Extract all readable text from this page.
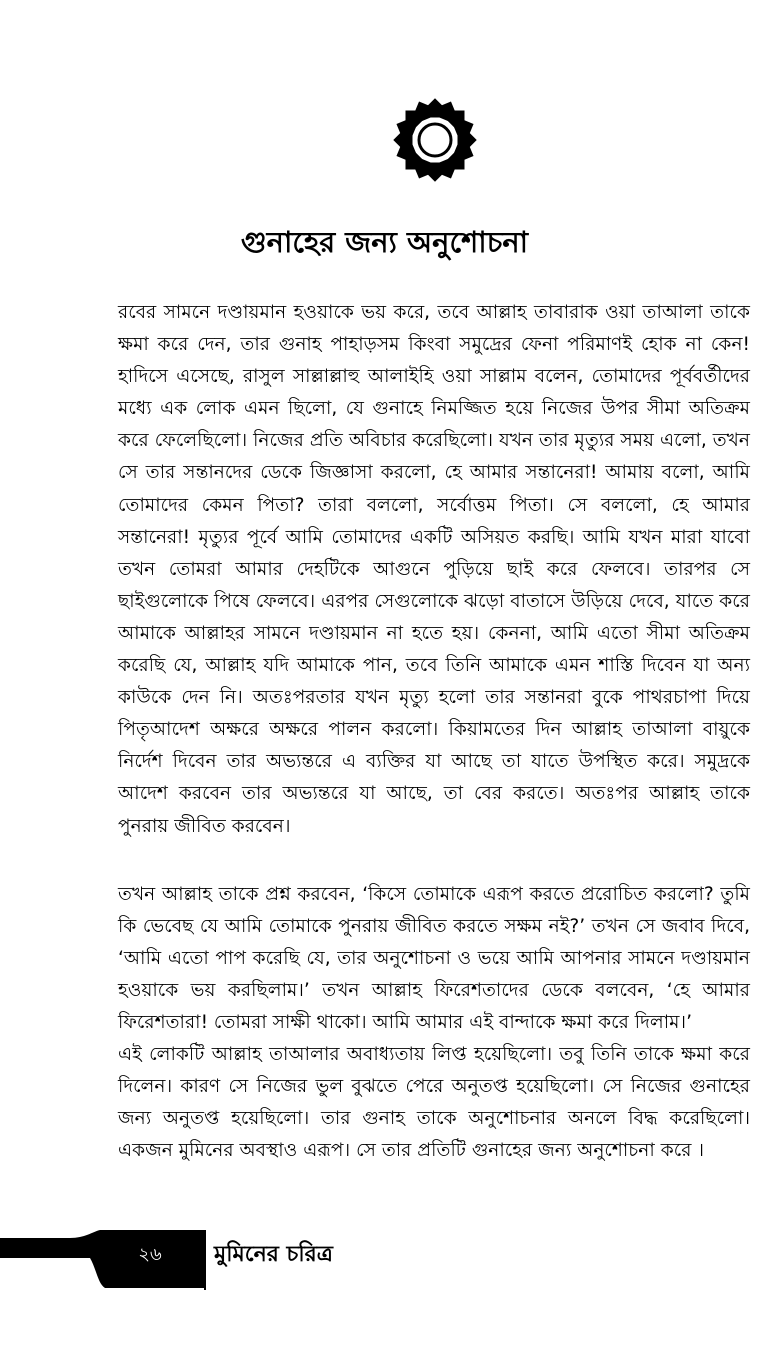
গুনাহের জন্য অনুশোচনা

রবের সামনে দণ্ডায়মান হওয়াকে ভয় করে, তবে আল্লাহ তাবারাক ওয়া তাআলা তাকে ক্ষমা করে দেন, তার গুনাহ পাহাড়সম কিংবা সমুদ্রের ফেনা পরিমাণই হোক না কেন! হাদিসে এসেছে, রাসুল সাল্লাল্লাহু আলাইহি ওয়া সাল্লাম বলেন, তোমাদের পূর্ববর্তীদের মধ্যে এক লোক এমন ছিলো, যে গুনাহে নিমজ্জিত হয়ে নিজের উপর সীমা অতিক্রম করে ফেলেছিলো। নিজের প্রতি অবিচার করেছিলো। যখন তার মৃত্যুর সময় এলো, তখন সে তার সন্তানদের ডেকে জিজ্ঞাসা করলো, হে আমার সন্তানেরা! আমায় বলো, আমি তোমাদের কেমন পিতা? তারা বললো, সর্বোত্তম পিতা। সে বললো, হে আমার সন্তানেরা! মৃত্যুর পূর্বে আমি তোমাদের একটি অসিয়ত করছি। আমি যখন মারা যাবো তখন তোমরা আমার দেহটিকে আগুনে পুড়িয়ে ছাই করে ফেলবে। তারপর সে ছাইগুলোকে পিষে ফেলবে। এরপর সেগুলোকে ঝড়ো বাতাসে উড়িয়ে দেবে, যাতে করে আমাকে আল্লাহর সামনে দণ্ডায়মান না হতে হয়। কেননা, আমি এতো সীমা অতিক্রম করেছি যে, আল্লাহ যদি আমাকে পান, তবে তিনি আমাকে এমন শাস্তি দিবেন যা অন্য কাউকে দেন নি। অতঃপরতার যখন মৃত্যু হলো তার সন্তানরা বুকে পাথরচাপা দিয়ে পিতৃআদেশ অক্ষরে অক্ষরে পালন করলো। কিয়ামতের দিন আল্লাহ তাআলা বায়ুকে নির্দেশ দিবেন তার অভ্যন্তরে এ ব্যক্তির যা আছে তা যাতে উপস্থিত করে। সমুদ্রকে আদেশ করবেন তার অভ্যন্তরে যা আছে, তা বের করতে। অতঃপর আল্লাহ তাকে পুনরায় জীবিত করবেন।

তখন আল্লাহ তাকে প্রশ্ন করবেন, ‘কিসে তোমাকে এরূপ করতে প্ররোচিত করলো? তুমি কি ভেবেছ যে আমি তোমাকে পুনরায় জীবিত করতে সক্ষম নই?’ তখন সে জবাব দিবে, ‘আমি এতো পাপ করেছি যে, তার অনুশোচনা ও ভয়ে আমি আপনার সামনে দণ্ডায়মান হওয়াকে ভয় করছিলাম।’ তখন আল্লাহ ফিরেশতাদের ডেকে বলবেন, ‘হে আমার ফিরেশতারা! তোমরা সাক্ষী থাকো। আমি আমার এই বান্দাকে ক্ষমা করে দিলাম।’

এই লোকটি আল্লাহ তাআলার অবাধ্যতায় লিপ্ত হয়েছিলো। তবু তিনি তাকে ক্ষমা করে দিলেন। কারণ সে নিজের ভুল বুঝতে পেরে অনুতপ্ত হয়েছিলো। সে নিজের গুনাহের জন্য অনুতপ্ত হয়েছিলো। তার গুনাহ তাকে অনুশোচনার অনলে বিদ্ধ করেছিলো। একজন মুমিনের অবস্থাও এরূপ। সে তার প্রতিটি গুনাহের জন্য অনুশোচনা করে ।

২৬	মুমিনের চরিত্র
